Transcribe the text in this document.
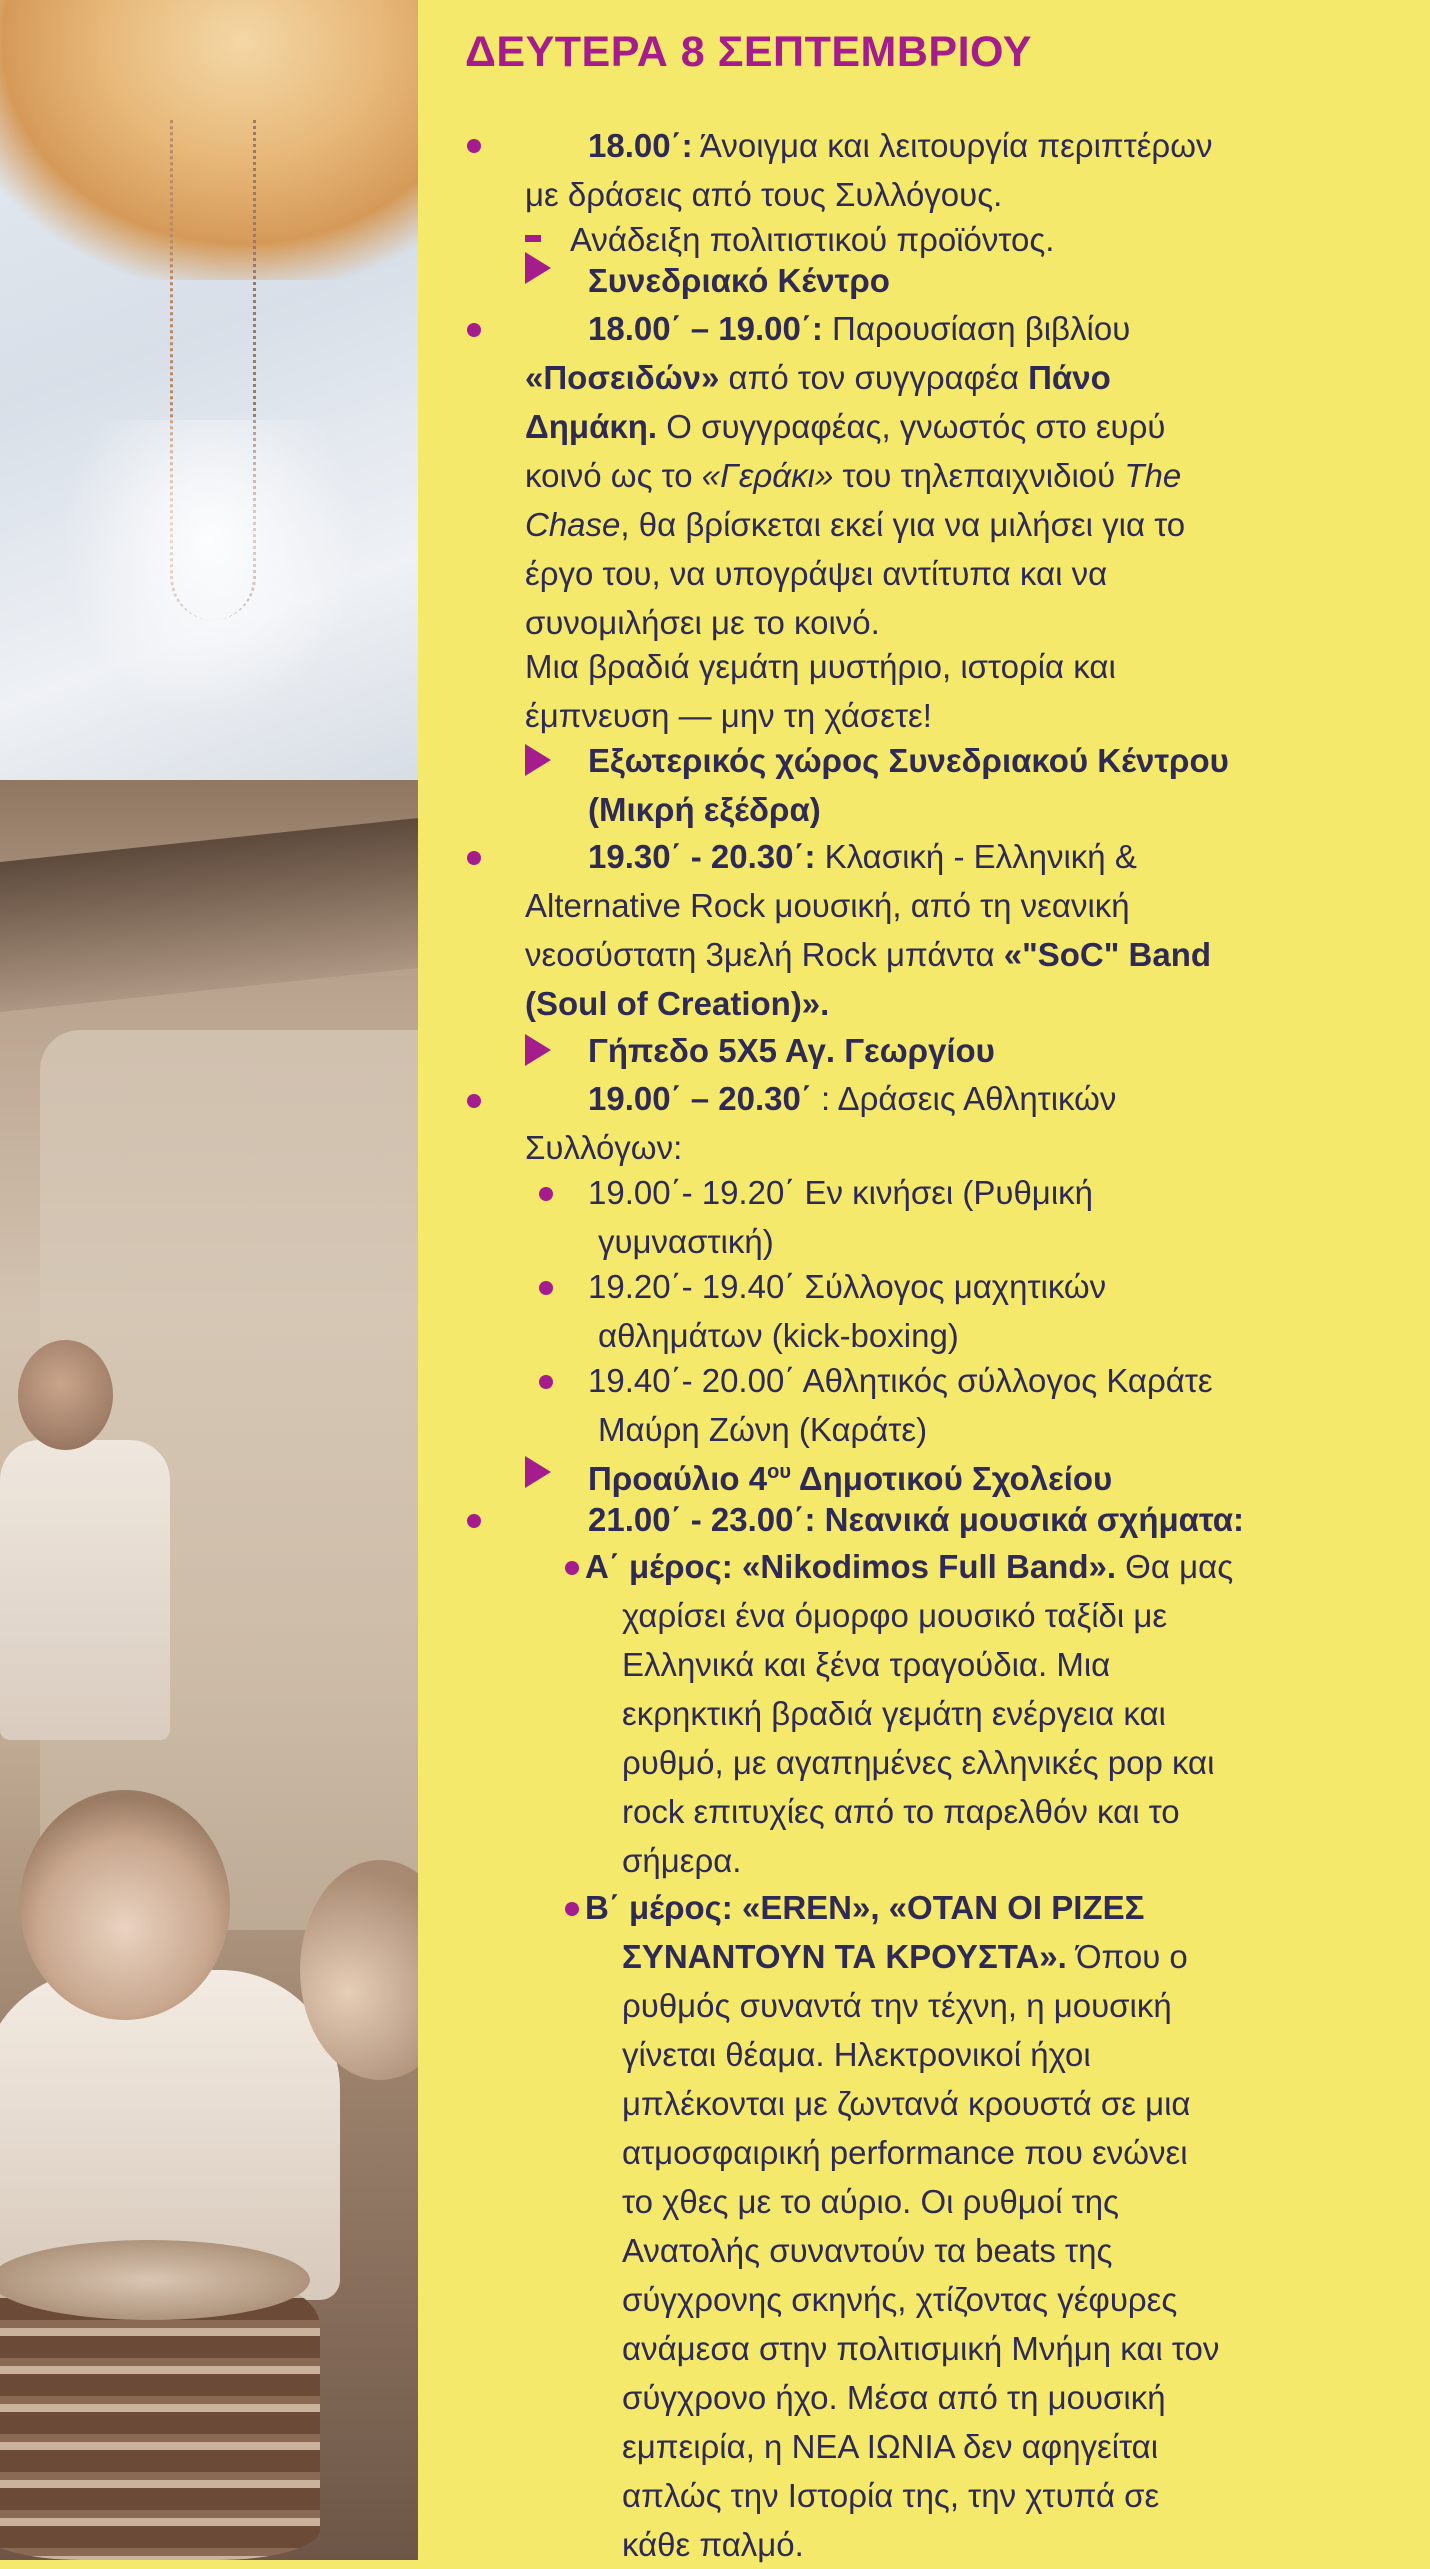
ΔΕΥΤΕΡΑ 8 ΣΕΠΤΕΜΒΡΙΟΥ
18.00΄: Άνοιγμα και λειτουργία περιπτέρων
με δράσεις από τους Συλλόγους.
Ανάδειξη πολιτιστικού προϊόντος.
Συνεδριακό Κέντρο
18.00΄ – 19.00΄: Παρουσίαση βιβλίου
«Ποσειδών» από τον συγγραφέα Πάνο
Δημάκη. Ο συγγραφέας, γνωστός στο ευρύ
κοινό ως το «Γεράκι» του τηλεπαιχνιδιού The
Chase, θα βρίσκεται εκεί για να μιλήσει για το
έργο του, να υπογράψει αντίτυπα και να
συνομιλήσει με το κοινό.
Μια βραδιά γεμάτη μυστήριο, ιστορία και
έμπνευση — μην τη χάσετε!
Εξωτερικός χώρος Συνεδριακού Κέντρου
(Μικρή εξέδρα)
19.30΄ - 20.30΄: Κλασική - Ελληνική &
Alternative Rock μουσική, από τη νεανική
νεοσύστατη 3μελή Rock μπάντα «"SoC" Band
(Soul of Creation)».
Γήπεδο 5Χ5 Αγ. Γεωργίου
19.00΄ – 20.30΄ : Δράσεις Αθλητικών
Συλλόγων:
19.00΄- 19.20΄ Εν κινήσει (Ρυθμική
γυμναστική)
19.20΄- 19.40΄ Σύλλογος μαχητικών
αθλημάτων (kick-boxing)
19.40΄- 20.00΄ Αθλητικός σύλλογος Καράτε
Μαύρη Ζώνη (Καράτε)
Προαύλιο $4^{o\upsilon}$ Δημοτικού Σχολείου
21.00΄ - 23.00΄: Νεανικά μουσικά σχήματα:
Α΄ μέρος: «Nikodimos Full Band». Θα μας
χαρίσει ένα όμορφο μουσικό ταξίδι με
Ελληνικά και ξένα τραγούδια. Μια
εκρηκτική βραδιά γεμάτη ενέργεια και
ρυθμό, με αγαπημένες ελληνικές pop και
rock επιτυχίες από το παρελθόν και το
σήμερα.
Β΄ μέρος: «EREN», «ΟΤΑΝ ΟΙ ΡΙΖΕΣ
ΣΥΝΑΝΤΟΥΝ ΤΑ ΚΡΟΥΣΤΑ». Όπου ο
ρυθμός συναντά την τέχνη, η μουσική
γίνεται θέαμα. Ηλεκτρονικοί ήχοι
μπλέκονται με ζωντανά κρουστά σε μια
ατμοσφαιρική performance που ενώνει
το χθες με το αύριο. Οι ρυθμοί της
Ανατολής συναντούν τα beats της
σύγχρονης σκηνής, χτίζοντας γέφυρες
ανάμεσα στην πολιτισμική Μνήμη και τον
σύγχρονο ήχο. Μέσα από τη μουσική
εμπειρία, η ΝΕΑ ΙΩΝΙΑ δεν αφηγείται
απλώς την Ιστορία της, την χτυπά σε
κάθε παλμό.
